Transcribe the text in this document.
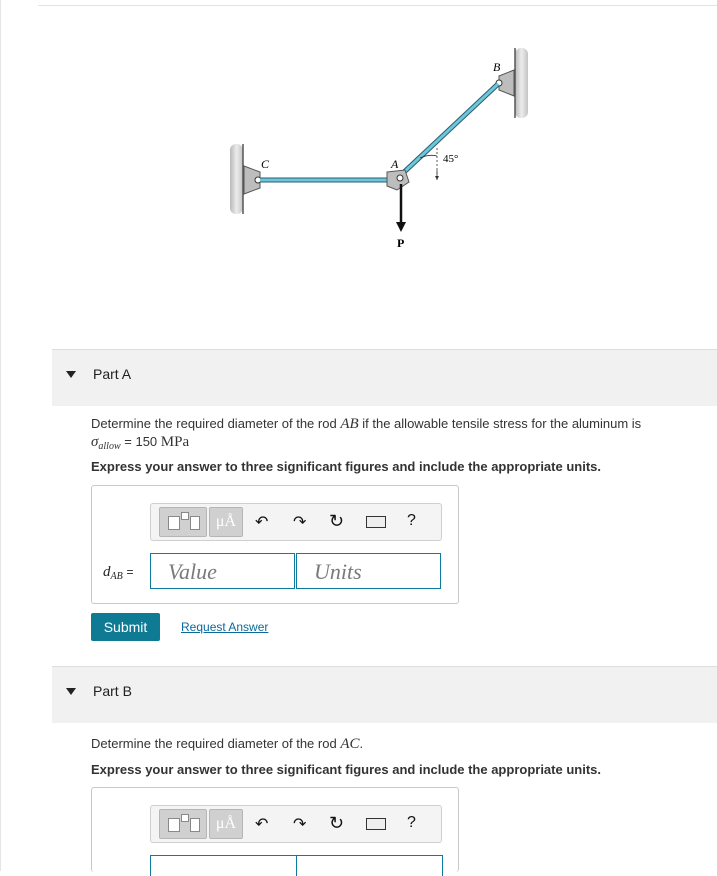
C	A
B
P
45°
Part A
Determine the required diameter of the rod AB if the allowable tensile stress for the aluminum is
$\sigma_{allow} = 150$ MPa
Express your answer to three significant figures and include the appropriate units.
μÅ	↶ ↷ ↻	?
$d_{AB}$ =	Value	Units
Submit	Request Answer
Part B
Determine the required diameter of the rod AC.
Express your answer to three significant figures and include the appropriate units.
μÅ	↶ ↷ ↻	?
